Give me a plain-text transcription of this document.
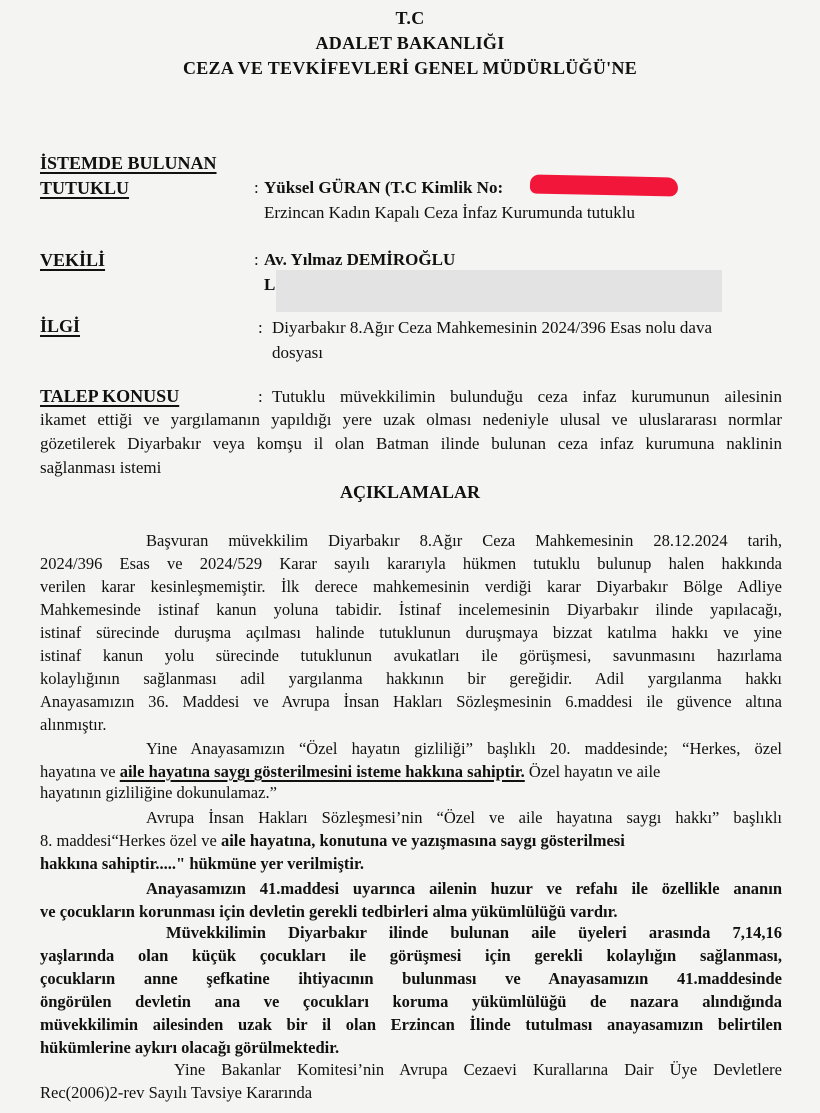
T.C
ADALET BAKANLIĞI
CEZA VE TEVKİFEVLERİ GENEL MÜDÜRLÜĞÜ'NE
İSTEMDE BULUNAN
TUTUKLU	: Yüksel GÜRAN (T.C Kimlik No:
Erzincan Kadın Kapalı Ceza İnfaz Kurumunda tutuklu
VEKİLİ	: Av. Yılmaz DEMİROĞLU
L
İLGİ	: Diyarbakır 8.Ağır Ceza Mahkemesinin 2024/396 Esas nolu dava
dosyası
TALEP KONUSU	: Tutuklu müvekkilimin bulunduğu ceza infaz kurumunun ailesinin
ikamet ettiği ve yargılamanın yapıldığı yere uzak olması nedeniyle ulusal ve uluslararası normlar
gözetilerek Diyarbakır veya komşu il olan Batman ilinde bulunan ceza infaz kurumuna naklinin
sağlanması istemi
AÇIKLAMALAR
Başvuran müvekkilim Diyarbakır 8.Ağır Ceza Mahkemesinin 28.12.2024 tarih,
2024/396 Esas ve 2024/529 Karar sayılı kararıyla hükmen tutuklu bulunup halen hakkında
verilen karar kesinleşmemiştir. İlk derece mahkemesinin verdiği karar Diyarbakır Bölge Adliye
Mahkemesinde istinaf kanun yoluna tabidir. İstinaf incelemesinin Diyarbakır ilinde yapılacağı,
istinaf sürecinde duruşma açılması halinde tutuklunun duruşmaya bizzat katılma hakkı ve yine
istinaf kanun yolu sürecinde tutuklunun avukatları ile görüşmesi, savunmasını hazırlama
kolaylığının sağlanması adil yargılanma hakkının bir gereğidir. Adil yargılanma hakkı
Anayasamızın 36. Maddesi ve Avrupa İnsan Hakları Sözleşmesinin 6.maddesi ile güvence altına
alınmıştır.
Yine Anayasamızın “Özel hayatın gizliliği” başlıklı 20. maddesinde; “Herkes, özel
hayatına ve aile hayatına saygı gösterilmesini isteme hakkına sahiptir. Özel hayatın ve aile
hayatının gizliliğine dokunulamaz.”
Avrupa İnsan Hakları Sözleşmesi’nin “Özel ve aile hayatına saygı hakkı” başlıklı
8. maddesi“Herkes özel ve aile hayatına, konutuna ve yazışmasına saygı gösterilmesi
hakkına sahiptir....." hükmüne yer verilmiştir.
Anayasamızın 41.maddesi uyarınca ailenin huzur ve refahı ile özellikle ananın
ve çocukların korunması için devletin gerekli tedbirleri alma yükümlülüğü vardır.
Müvekkilimin Diyarbakır ilinde bulunan aile üyeleri arasında 7,14,16
yaşlarında olan küçük çocukları ile görüşmesi için gerekli kolaylığın sağlanması,
çocukların anne şefkatine ihtiyacının bulunması ve Anayasamızın 41.maddesinde
öngörülen devletin ana ve çocukları koruma yükümlülüğü de nazara alındığında
müvekkilimin ailesinden uzak bir il olan Erzincan İlinde tutulması anayasamızın belirtilen
hükümlerine aykırı olacağı görülmektedir.
Yine Bakanlar Komitesi’nin Avrupa Cezaevi Kurallarına Dair Üye Devletlere
Rec(2006)2-rev Sayılı Tavsiye Kararında
